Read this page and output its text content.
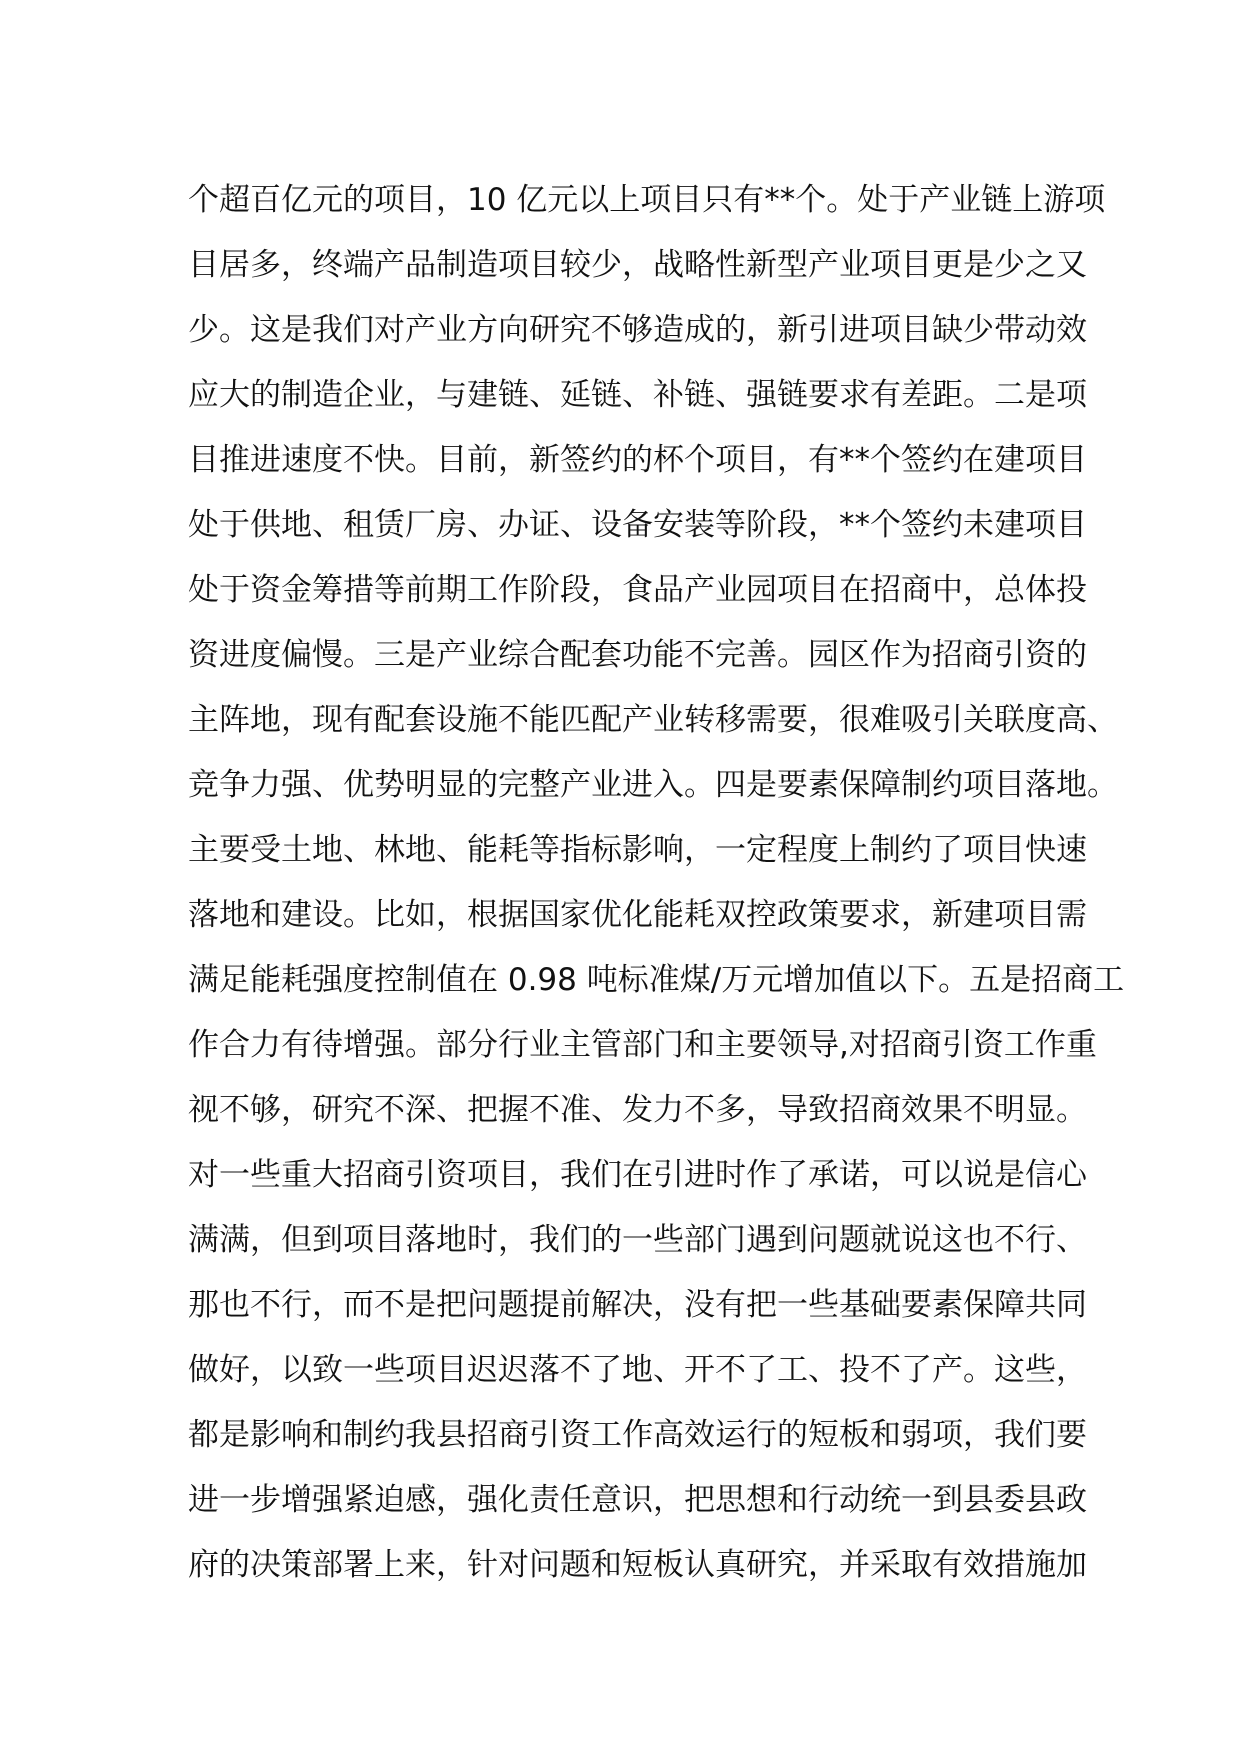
个超百亿元的项目，10 亿元以上项目只有**个。处于产业链上游项
目居多，终端产品制造项目较少，战略性新型产业项目更是少之又
少。这是我们对产业方向研究不够造成的，新引进项目缺少带动效
应大的制造企业，与建链、延链、补链、强链要求有差距。二是项
目推进速度不快。目前，新签约的杯个项目，有**个签约在建项目
处于供地、租赁厂房、办证、设备安装等阶段，**个签约未建项目
处于资金筹措等前期工作阶段，食品产业园项目在招商中，总体投
资进度偏慢。三是产业综合配套功能不完善。园区作为招商引资的
主阵地，现有配套设施不能匹配产业转移需要，很难吸引关联度高、
竞争力强、优势明显的完整产业进入。四是要素保障制约项目落地。
主要受土地、林地、能耗等指标影响，一定程度上制约了项目快速
落地和建设。比如，根据国家优化能耗双控政策要求，新建项目需
满足能耗强度控制值在 0.98 吨标准煤/万元增加值以下。五是招商工
作合力有待增强。部分行业主管部门和主要领导,对招商引资工作重
视不够，研究不深、把握不准、发力不多，导致招商效果不明显。
对一些重大招商引资项目，我们在引进时作了承诺，可以说是信心
满满，但到项目落地时，我们的一些部门遇到问题就说这也不行、
那也不行，而不是把问题提前解决，没有把一些基础要素保障共同
做好，以致一些项目迟迟落不了地、开不了工、投不了产。这些，
都是影响和制约我县招商引资工作高效运行的短板和弱项，我们要
进一步增强紧迫感，强化责任意识，把思想和行动统一到县委县政
府的决策部署上来，针对问题和短板认真研究，并采取有效措施加
